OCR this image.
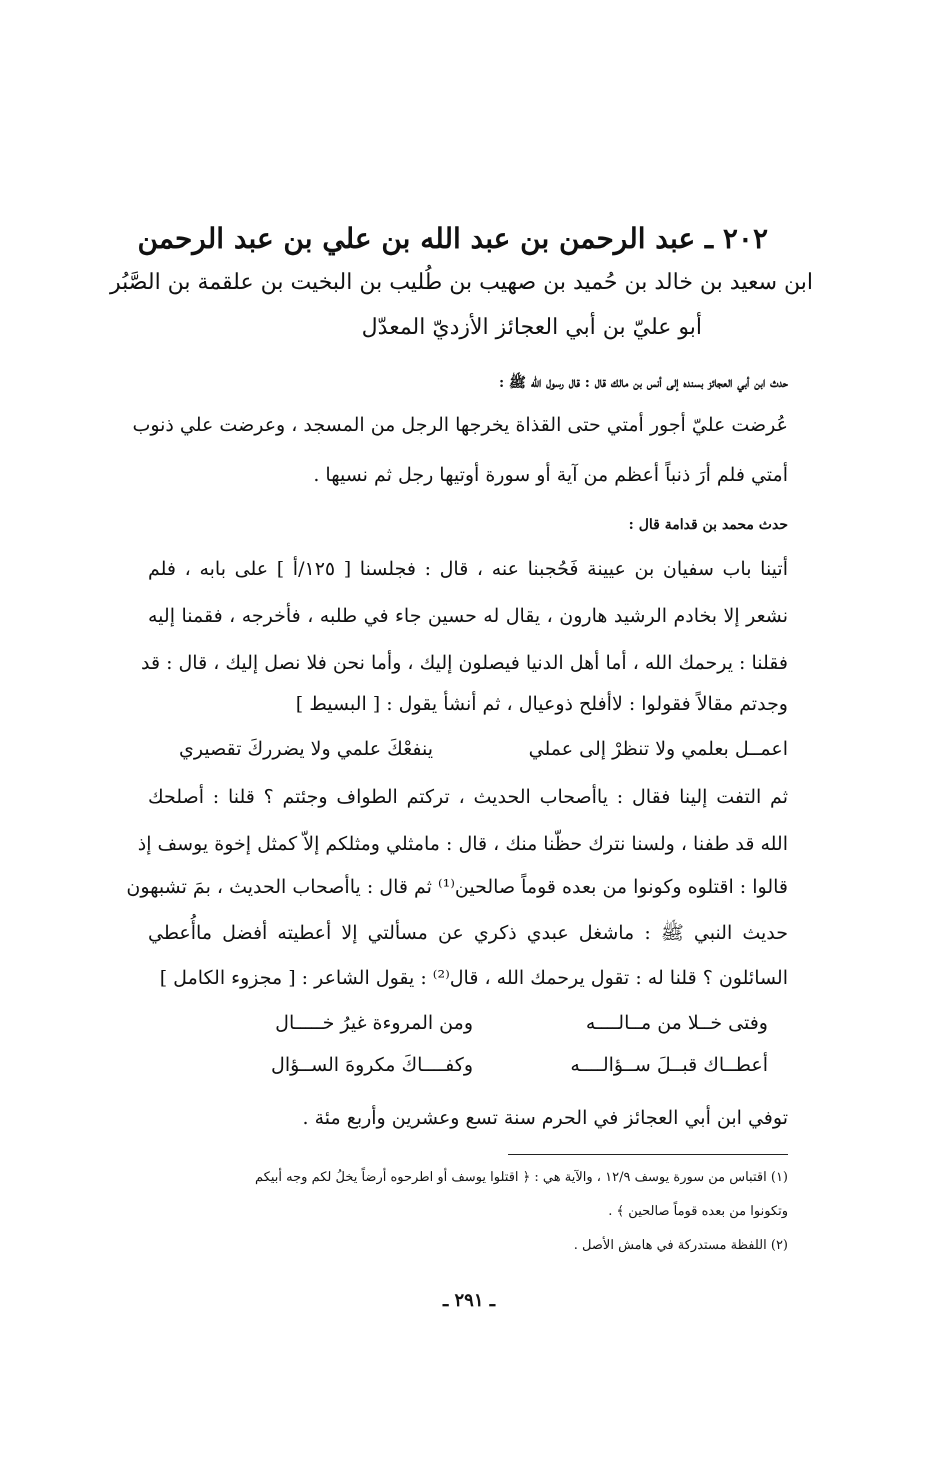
٢٠٢ ـ عبد الرحمن بن عبد الله بن علي بن عبد الرحمن
ابن سعيد بن خالد بن حُميد بن صهيب بن طُليب بن البخيت بن علقمة بن الصَّبُر
أبو عليّ بن أبي العجائز الأزديّ المعدّل
حدث ابن أبي العجائز بسنده إلى أنس بن مالك قال : قال رسول الله ﷺ :
عُرضت عليّ أجور أمتي حتى القذاة يخرجها الرجل من المسجد ، وعرضت علي ذنوب
أمتي فلم أرَ ذنباً أعظم من آية أو سورة أوتيها رجل ثم نسيها .
حدث محمد بن قدامة قال :
أتينا باب سفيان بن عيينة فَحُجبنا عنه ، قال : فجلسنا [ ١٢٥/أ ] على بابه ، فلم
نشعر إلا بخادم الرشيد هارون ، يقال له حسين جاء في طلبه ، فأخرجه ، فقمنا إليه
فقلنا : يرحمك الله ، أما أهل الدنيا فيصلون إليك ، وأما نحن فلا نصل إليك ، قال : قد
وجدتم مقالاً فقولوا : لاأفلح ذوعيال ، ثم أنشأ يقول : [ البسيط ]
اعمــل بعلمي ولا تنظرْ إلى عملي
ينفعْكَ علمي ولا يضرركَ تقصيري
ثم التفت إلينا فقال : ياأصحاب الحديث ، تركتم الطواف وجئتم ؟ قلنا : أصلحك
الله قد طفنا ، ولسنا نترك حظّنا منك ، قال : مامثلي ومثلكم إلاّ كمثل إخوة يوسف إذ
قالوا : اقتلوه وكونوا من بعده قوماً صالحين⁽¹⁾ ثم قال : ياأصحاب الحديث ، بمَ تشبهون
حديث النبي ﷺ : ماشغل عبدي ذكري عن مسألتي إلا أعطيته أفضل ماأُعطي
السائلون ؟ قلنا له : تقول يرحمك الله ، قال⁽²⁾ : يقول الشاعر : [ مجزوء الكامل ]
وفتى خــلا من مــالــــه
ومن المروءة غيرُ خـــــال
أعطــاك قبــلَ ســؤالــــه
وكفــــاكَ مكروهَ الســؤال
توفي ابن أبي العجائز في الحرم سنة تسع وعشرين وأربع مئة .
(١) اقتباس من سورة يوسف ١٢/٩ ، والآية هي : ﴿ اقتلوا يوسف أو اطرحوه أرضاً يخلُ لكم وجه أبيكم
وتكونوا من بعده قوماً صالحين ﴾ .
(٢) اللفظة مستدركة في هامش الأصل .
ـ ٢٩١ ـ
